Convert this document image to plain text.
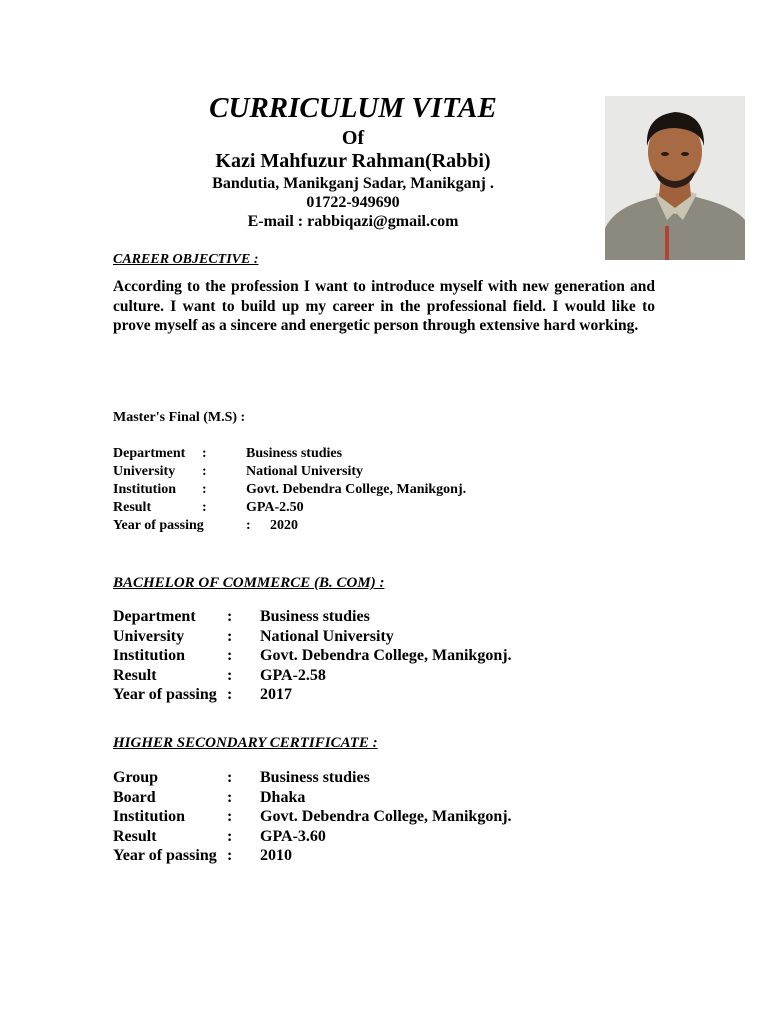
CURRICULUM VITAE
Of
Kazi Mahfuzur Rahman(Rabbi)
Bandutia, Manikganj Sadar, Manikganj .
01722-949690
E-mail : rabbiqazi@gmail.com
CAREER OBJECTIVE :
According to the profession I want to introduce myself with new generation and culture. I want to build up my career in the professional field. I would like to prove myself as a sincere and energetic person through extensive hard working.
Master's Final (M.S) :
Department :	Business studies
University :	National University
Institution :	Govt. Debendra College, Manikgonj.
Result	:	GPA-2.50
Year of passing	: 2020
BACHELOR OF COMMERCE (B. COM) :
Department : Business studies
University	: National University
Institution	: Govt. Debendra College, Manikgonj.
Result	: GPA-2.58
Year of passing : 2017
HIGHER SECONDARY CERTIFICATE :
Group	: Business studies
Board	: Dhaka
Institution	: Govt. Debendra College, Manikgonj.
Result	: GPA-3.60
Year of passing : 2010
